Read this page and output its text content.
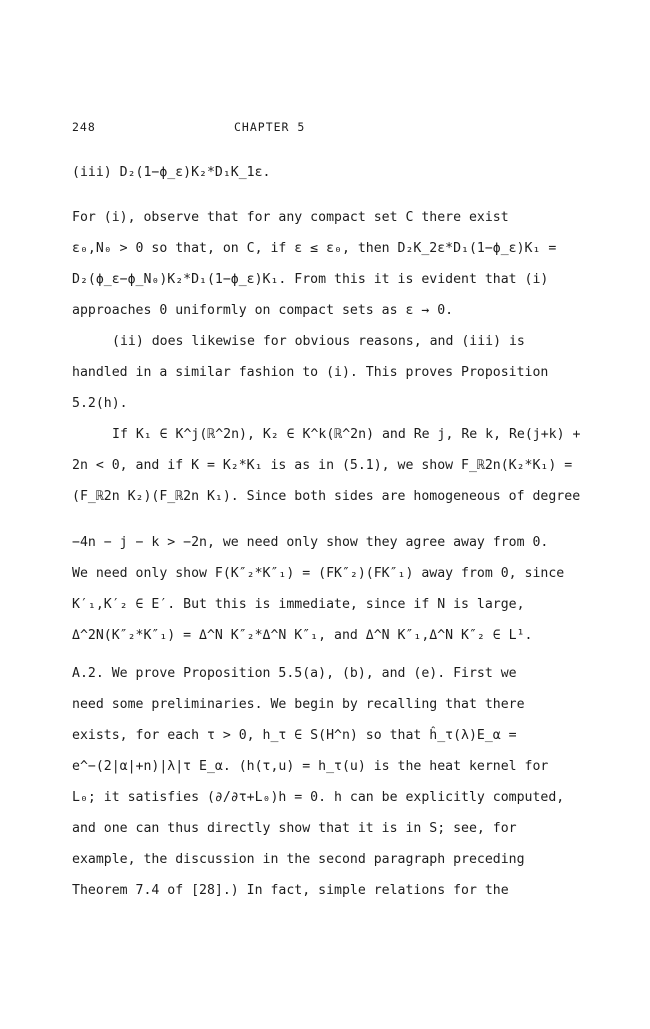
248	CHAPTER 5
(iii) D₂(1−ϕ_ε)K₂*D₁K_1ε.
For (i), observe that for any compact set C there exist
ε₀,N₀ > 0 so that, on C, if ε ≤ ε₀, then D₂K_2ε*D₁(1−ϕ_ε)K₁ =
D₂(ϕ_ε−ϕ_N₀)K₂*D₁(1−ϕ_ε)K₁. From this it is evident that (i)
approaches 0 uniformly on compact sets as ε → 0.
(ii) does likewise for obvious reasons, and (iii) is
handled in a similar fashion to (i). This proves Proposition
5.2(h).
If K₁ ∈ K^j(ℝ^2n), K₂ ∈ K^k(ℝ^2n) and Re j, Re k, Re(j+k) +
2n < 0, and if K = K₂*K₁ is as in (5.1), we show F_ℝ2n(K₂*K₁) =
(F_ℝ2n K₂)(F_ℝ2n K₁). Since both sides are homogeneous of degree
−4n − j − k > −2n, we need only show they agree away from 0.
We need only show F(K″₂*K″₁) = (FK″₂)(FK″₁) away from 0, since
K′₁,K′₂ ∈ E′. But this is immediate, since if N is large,
Δ^2N(K″₂*K″₁) = Δ^N K″₂*Δ^N K″₁, and Δ^N K″₁,Δ^N K″₂ ∈ L¹.
A.2. We prove Proposition 5.5(a), (b), and (e). First we
need some preliminaries. We begin by recalling that there
exists, for each τ > 0, h_τ ∈ S(H^n) so that ĥ_τ(λ)E_α =
e^−(2|α|+n)|λ|τ E_α. (h(τ,u) = h_τ(u) is the heat kernel for
L₀; it satisfies (∂/∂τ+L₀)h = 0. h can be explicitly computed,
and one can thus directly show that it is in S; see, for
example, the discussion in the second paragraph preceding
Theorem 7.4 of [28].) In fact, simple relations for the
